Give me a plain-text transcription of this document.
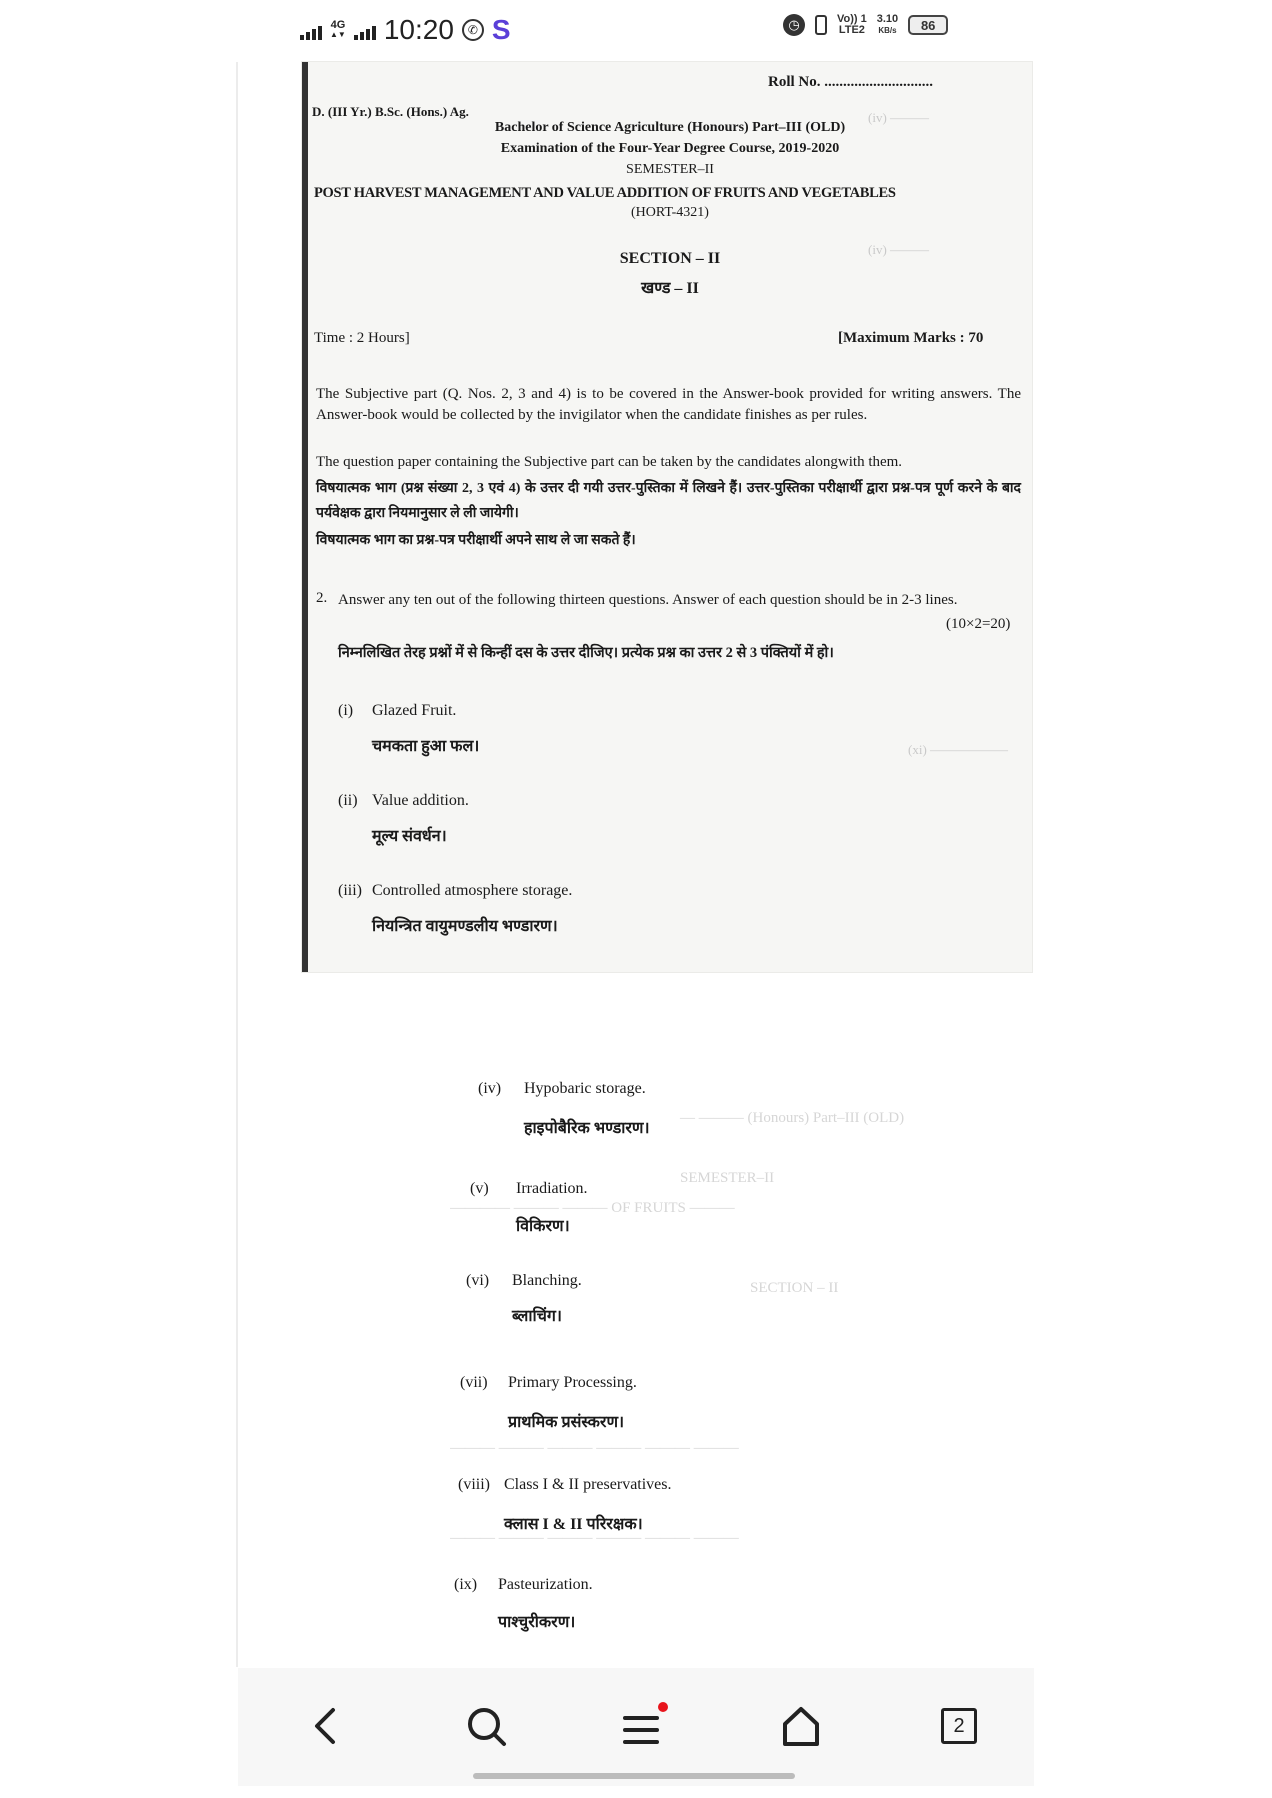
4G
▲▼ 10:20	✆ S	◷	Vo)) 1
LTE2
3.10
KB/s	86
(iv) ———
(iv) ———
(xi) ——————
Roll No. .............................
D. (III Yr.) B.Sc. (Hons.) Ag.
Bachelor of Science Agriculture (Honours) Part–III (OLD)
Examination of the Four-Year Degree Course, 2019-2020
SEMESTER–II
POST HARVEST MANAGEMENT AND VALUE ADDITION OF FRUITS AND VEGETABLES
(HORT-4321)
SECTION – II
खण्ड – II
Time : 2 Hours]	[Maximum Marks : 70
The Subjective part (Q. Nos. 2, 3 and 4) is to be covered in the Answer-book provided for writing answers. The Answer-book would be collected by the invigilator when the candidate finishes as per rules.
The question paper containing the Subjective part can be taken by the candidates alongwith them.
विषयात्मक भाग (प्रश्न संख्या 2, 3 एवं 4) के उत्तर दी गयी उत्तर-पुस्तिका में लिखने हैं। उत्तर-पुस्तिका परीक्षार्थी द्वारा प्रश्न-पत्र पूर्ण करने के बाद पर्यवेक्षक द्वारा नियमानुसार ले ली जायेगी।
विषयात्मक भाग का प्रश्न-पत्र परीक्षार्थी अपने साथ ले जा सकते हैं।
2. Answer any ten out of the following thirteen questions. Answer of each question should be in 2-3 lines.
(10×2=20)
निम्नलिखित तेरह प्रश्नों में से किन्हीं दस के उत्तर दीजिए। प्रत्येक प्रश्न का उत्तर 2 से 3 पंक्तियों में हो।
(i) Glazed Fruit.
चमकता हुआ फल।
(ii) Value addition.
मूल्य संवर्धन।
(iii) Controlled atmosphere storage.
नियन्त्रित वायुमण्डलीय भण्डारण।
— ——— (Honours) Part–III (OLD)
SEMESTER–II
———— ——— ——— OF FRUITS ———
SECTION – II
——— ——— ——— ——— ——— ———
——— ——— ——— ——— ——— ———
(iv) Hypobaric storage.
हाइपोबैरिक भण्डारण।
(v) Irradiation.
विकिरण।
(vi) Blanching.
ब्लाचिंग।
(vii) Primary Processing.
प्राथमिक प्रसंस्करण।
(viii) Class I & II preservatives.
क्लास I & II परिरक्षक।
(ix) Pasteurization.
पाश्चुरीकरण।
2
